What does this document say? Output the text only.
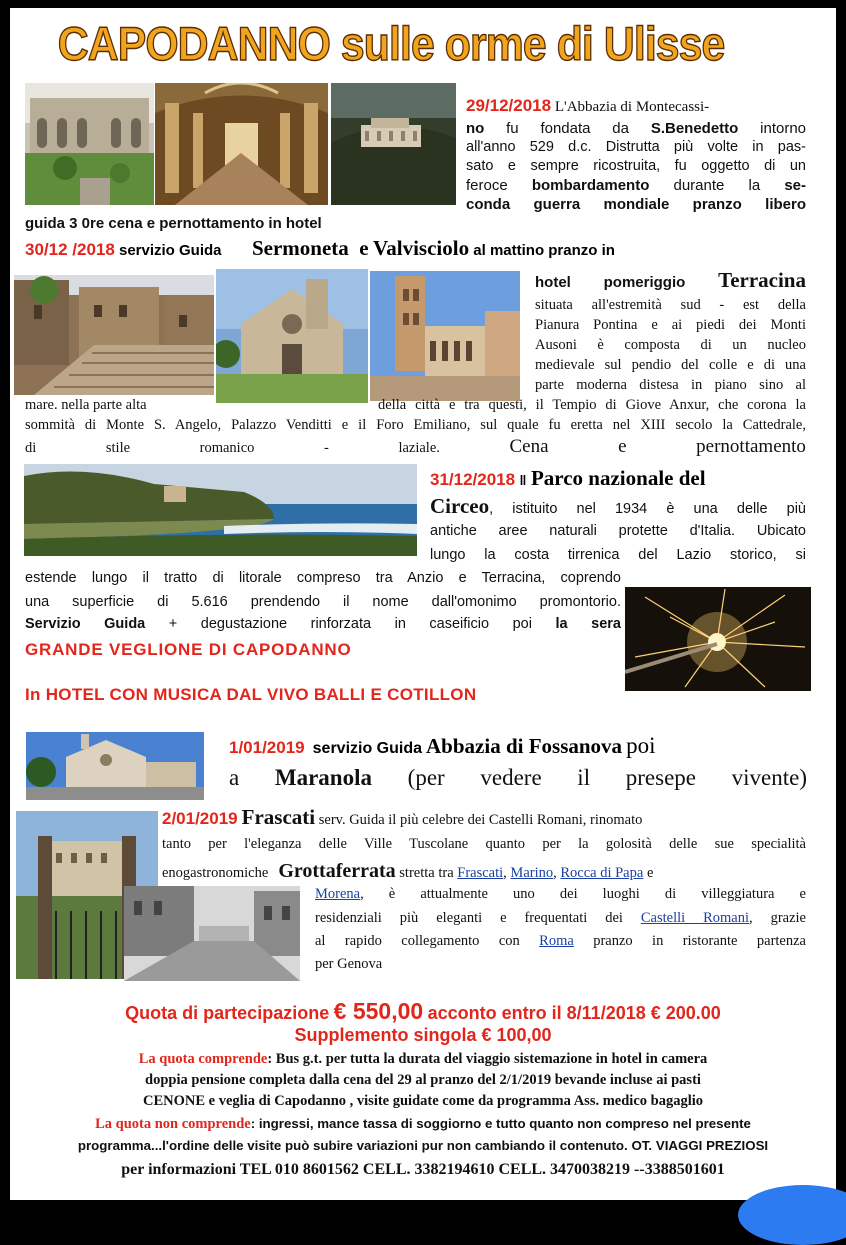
CAPODANNO sulle orme di Ulisse
29/12/2018 L'Abbazia di Montecassi-
no fu fondata da S.Benedetto intorno
all'anno 529 d.c. Distrutta più volte in pas-
sato e sempre ricostruita, fu oggetto di un
feroce bombardamento durante la se-
conda guerra mondiale pranzo libero
guida 3 0re cena e pernottamento in hotel
30/12 /2018 servizio Guida Sermoneta e Valvisciolo al mattino pranzo in
hotel pomeriggio Terracina
situata all'estremità sud - est della
Pianura Pontina e ai piedi dei Monti
Ausoni è composta di un nucleo
medievale sul pendio del colle e di una
parte moderna distesa in piano sino al
mare. nella parte alta	della città e tra questi, il Tempio di Giove Anxur, che corona la
sommità di Monte S. Angelo, Palazzo Venditti e il Foro Emiliano, sul quale fu eretta nel XIII secolo la Cattedrale,
di	stile	romanico	-	laziale.	Cena	e	pernottamento
31/12/2018 ‖ Parco nazionale del
Circeo, istituito nel 1934 è una delle più
antiche aree naturali protette d'Italia. Ubicato
lungo la costa tirrenica del Lazio storico, si
estende lungo il tratto di litorale compreso tra Anzio e Terracina, coprendo
una superficie di 5.616 prendendo il nome dall'omonimo promontorio.
Servizio Guida + degustazione rinforzata in caseificio poi la sera
GRANDE VEGLIONE DI CAPODANNO
In HOTEL CON MUSICA DAL VIVO BALLI E COTILLON
1/01/2019 servizio Guida Abbazia di Fossanova poi
a Maranola (per vedere il presepe vivente)
2/01/2019 Frascati serv. Guida il più celebre dei Castelli Romani, rinomato
tanto per l'eleganza delle Ville Tuscolane quanto per la golosità delle sue specialità
enogastronomiche Grottaferrata stretta tra Frascati, Marino, Rocca di Papa e
Morena, è attualmente uno dei luoghi di villeggiatura e
residenziali più eleganti e frequentati dei Castelli Romani, grazie
al rapido collegamento con Roma pranzo in ristorante partenza
per Genova
Quota di partecipazione € 550,00 acconto entro il 8/11/2018 € 200.00
Supplemento singola € 100,00
La quota comprende: Bus g.t. per tutta la durata del viaggio sistemazione in hotel in camera
doppia pensione completa dalla cena del 29 al pranzo del 2/1/2019 bevande incluse ai pasti
CENONE e veglia di Capodanno , visite guidate come da programma Ass. medico bagaglio
La quota non comprende: ingressi, mance tassa di soggiorno e tutto quanto non compreso nel presente
programma...l'ordine delle visite può subire variazioni pur non cambiando il contenuto. OT. VIAGGI PREZIOSI
per informazioni TEL 010 8601562 CELL. 3382194610 CELL. 3470038219 --3388501601
